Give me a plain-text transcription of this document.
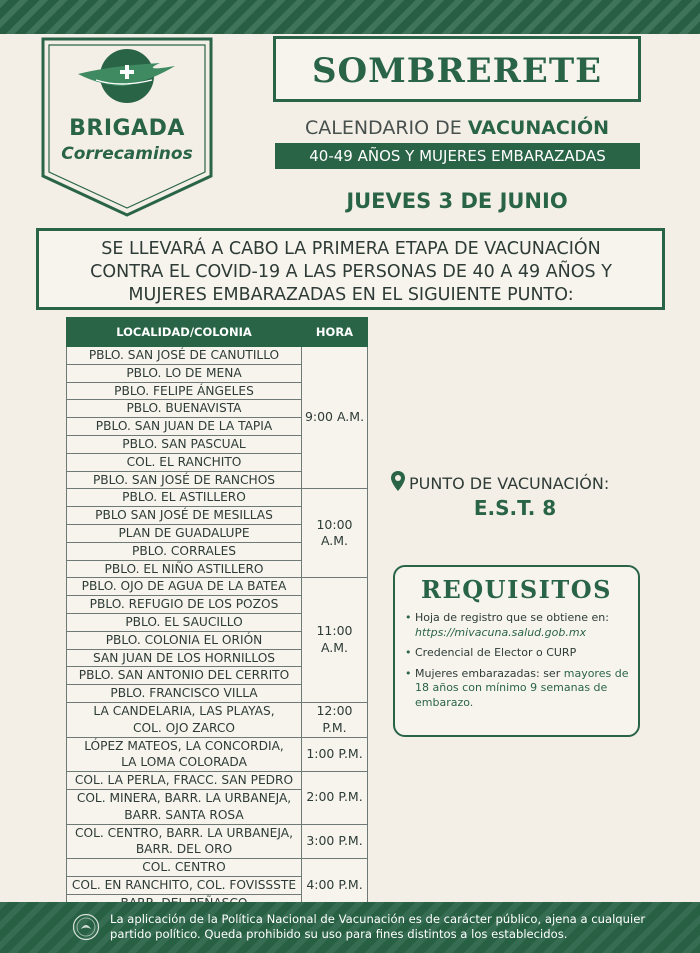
BRIGADA
Correcaminos
SOMBRERETE
CALENDARIO DE VACUNACIÓN
40-49 AÑOS Y MUJERES EMBARAZADAS
JUEVES 3 DE JUNIO
SE LLEVARÁ A CABO LA PRIMERA ETAPA DE VACUNACIÓN
CONTRA EL COVID-19 A LAS PERSONAS DE 40 A 49 AÑOS Y
MUJERES EMBARAZADAS EN EL SIGUIENTE PUNTO:
LOCALIDAD/COLONIA	HORA

PBLO. SAN JOSÉ DE CANUTILLO	9:00 A.M.

PBLO. LO DE MENA	

PBLO. FELIPE ÁNGELES	

PBLO. BUENAVISTA	

PBLO. SAN JUAN DE LA TAPIA	

PBLO. SAN PASCUAL	

COL. EL RANCHITO	

PBLO. SAN JOSÉ DE RANCHOS	

PBLO. EL ASTILLERO	10:00 A.M.

PBLO SAN JOSÉ DE MESILLAS	

PLAN DE GUADALUPE	

PBLO. CORRALES	

PBLO. EL NIÑO ASTILLERO	

PBLO. OJO DE AGUA DE LA BATEA	11:00 A.M.

PBLO. REFUGIO DE LOS POZOS	

PBLO. EL SAUCILLO	

PBLO. COLONIA EL ORIÓN	

SAN JUAN DE LOS HORNILLOS	

PBLO. SAN ANTONIO DEL CERRITO	

PBLO. FRANCISCO VILLA	

LA CANDELARIA, LAS PLAYAS,
COL. OJO ZARCO	12:00 P.M.

LÓPEZ MATEOS, LA CONCORDIA,
LA LOMA COLORADA	1:00 P.M.

COL. LA PERLA, FRACC. SAN PEDRO	2:00 P.M.

COL. MINERA, BARR. LA URBANEJA,
BARR. SANTA ROSA	

COL. CENTRO, BARR. LA URBANEJA,
BARR. DEL ORO	3:00 P.M.

COL. CENTRO	4:00 P.M.

COL. EN RANCHITO, COL. FOVISSSTE	

PUNTO DE VACUNACIÓN:
E.S.T. 8
REQUISITOS
• Hoja de registro que se obtiene en: https://mivacuna.salud.gob.mx
• Credencial de Elector o CURP
• Mujeres embarazadas: ser mayores de 18 años con mínimo 9 semanas de embarazo.
La aplicación de la Política Nacional de Vacunación es de carácter público, ajena a cualquier partido político. Queda prohibido su uso para fines distintos a los establecidos.
